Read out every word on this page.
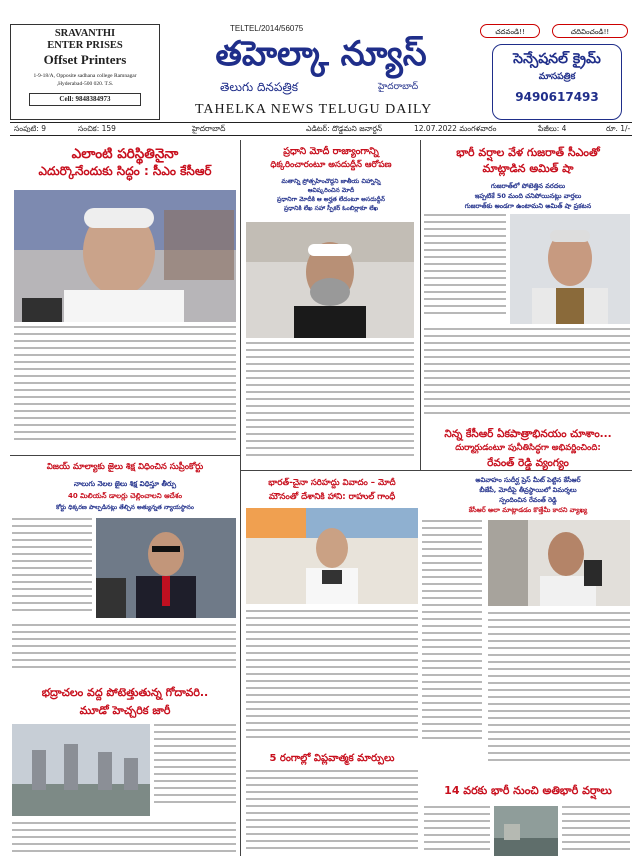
SRAVANTHI
ENTER PRISES
Offset Printers
1-9-18/A, Opposite sadhana college Ramnagar
,Hyderabad-500 020. T.S.
Cell: 9848384973
TELTEL/2014/56075
తహెల్కా న్యూస్
తెలుగు దినపత్రిక	హైదరాబాద్
TAHELKA NEWS TELUGU DAILY
చదవండి!!	చదివించండి!!
సెన్సేషనల్ క్రైమ్
మాసపత్రిక
9490617493
సంపుటి: 9	సంచిక: 159	హైదరాబాద్	ఎడిటర్: దొడ్డమని జనార్దన్	12.07.2022 మంగళవారం	పేజీలు: 4	రూ. 1/-
ఎలాంటి పరిస్థితినైనా
ఎదుర్కొనేందుకు సిద్ధం : సీఎం కేసీఆర్
ప్రధాని మోదీ రాజ్యాంగాన్ని
ధిక్కరించారంటూ అసదుద్దీన్ ఆరోపణ
మతాన్ని ప్రోత్సహించొద్దని జాతీయ చిహ్నాన్ని
ఆవిష్కరించిన మోదీ
ప్రధానిగా మోదీకి ఆ అర్హత లేదంటూ అసదుద్దీన్
ప్రధానికి లేఖ సహా స్పీకర్ ఓంబిర్లాకూ లేఖ
భారీ వర్షాల వేళ గుజరాత్ సీఎంతో
మాట్లాడిన అమిత్ షా
గుజరాత్‌లో పోటెత్తిన వరదలు
ఇప్పటికే 50 మంది చనిపోయినట్లు వార్తలు
గుజరాత్‌కు అండగా ఉంటామని అమిత్ షా ప్రకటన
నిన్న కేసీఆర్ ఏకపాత్రాభినయం చూశాం...
దుర్మార్గుడంటూ పునీతిసిద్ధగా అభివర్ణించింది:
రేవంత్ రెడ్డి వ్యంగ్యం
అవివాహం సుదీర్ఘ ప్రెస్ మీట్ పెట్టిన కేసీఆర్
బీజేపీ, మోదీపై తీవ్రస్థాయిలో విమర్శలు
స్పందించిన రేవంత్ రెడ్డి
కేసీఆర్ అలా మాట్లాడడం కొత్తేమీ కాదని వ్యాఖ్య
విజయ్ మాల్యాకు జైలు శిక్ష విధించిన సుప్రీంకోర్టు
నాలుగు నెలల జైలు శిక్ష విధిస్తూ తీర్పు
40 మిలియన్ డాలర్లు చెల్లించాలని ఆదేశం
కోర్టు ధిక్కరణ పాల్పడినట్లు తేల్చిన అత్యున్నత న్యాయస్థానం
భద్రాచలం వద్ద పోటెత్తుతున్న గోదావరి..
మూడో హెచ్చరిక జారీ
భారత్-చైనా సరిహద్దు వివాదం – మోదీ
మౌనంతో దేశానికి హాని: రాహుల్ గాంధీ
5 రంగాల్లో విప్లవాత్మక మార్పులు
14 వరకు భారీ నుంచి అతిభారీ వర్షాలు
